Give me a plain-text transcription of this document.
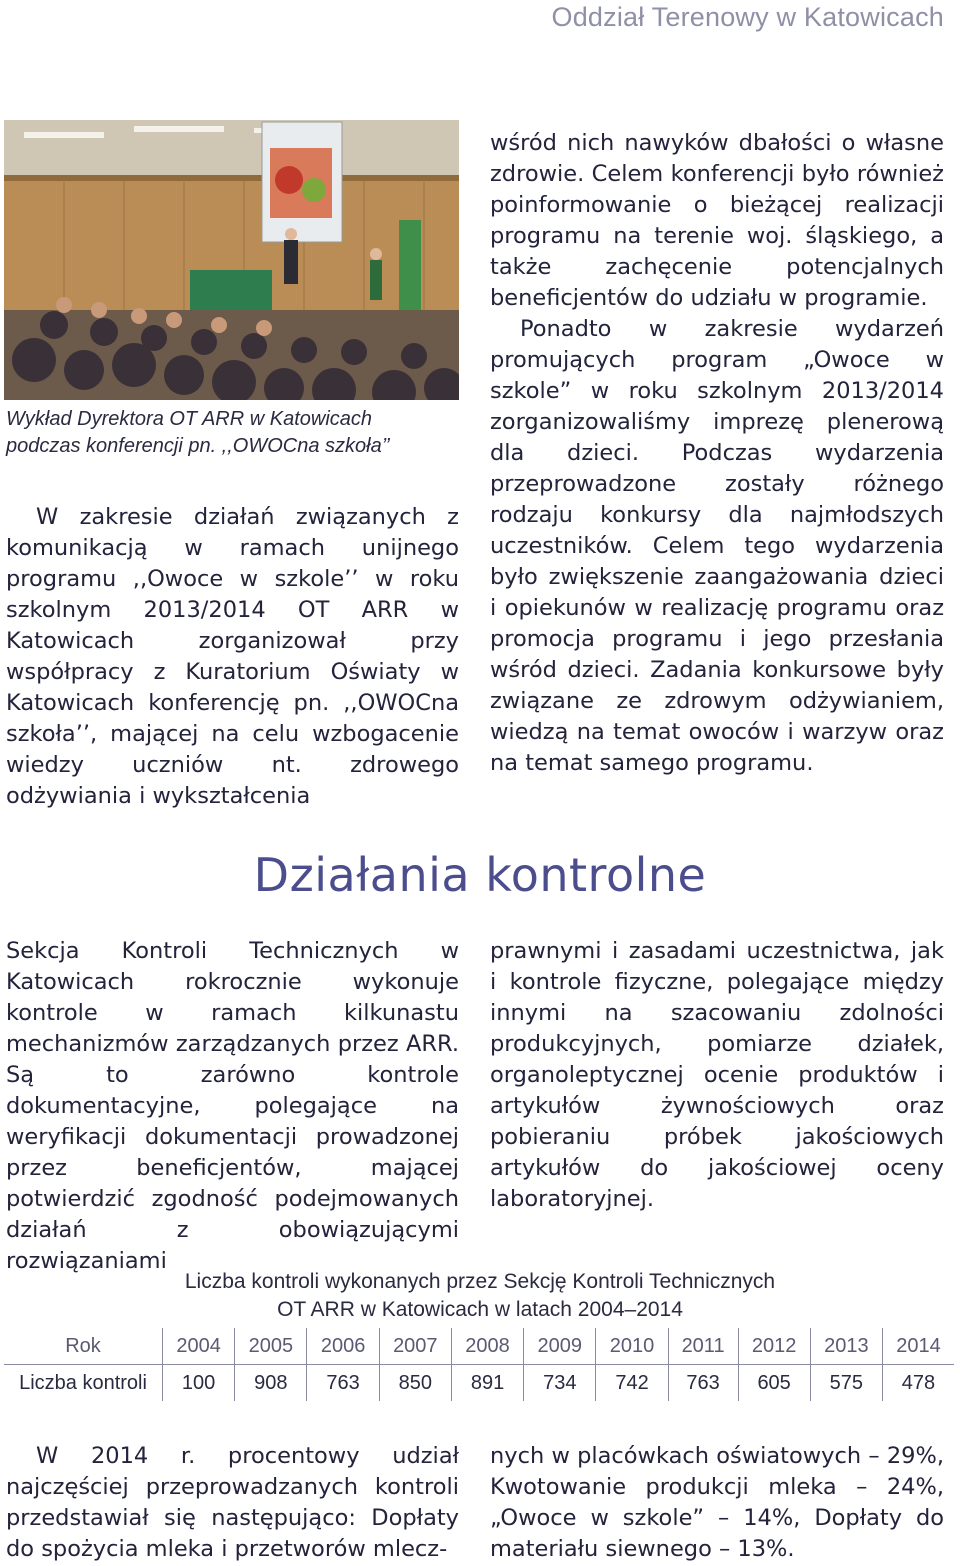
Oddział Terenowy w Katowicach
Wykład Dyrektora OT ARR w Katowicach podczas konferencji pn. ,,OWOCna szkoła’’

W zakresie działań związanych z komunikacją w ramach unijnego programu ,,Owoce w szkole’’ w roku szkolnym 2013/2014 OT ARR w Katowicach zorganizował przy współpracy z Kuratorium Oświaty w Katowicach konferencję pn. ,,OWOCna szkoła’’, mającej na celu wzbogacenie wiedzy uczniów nt. zdrowego odżywiania i wykształcenia

wśród nich nawyków dbałości o własne zdrowie. Celem konferencji było również poinformowanie o bieżącej realizacji programu na terenie woj. śląskiego, a także zachęcenie potencjalnych beneficjentów do udziału w programie.

Ponadto w zakresie wydarzeń promujących program „Owoce w szkole” w roku szkolnym 2013/2014 zorganizowaliśmy imprezę plenerową dla dzieci. Podczas wydarzenia przeprowadzone zostały różnego rodzaju konkursy dla najmłodszych uczestników. Celem tego wydarzenia było zwiększenie zaangażowania dzieci i opiekunów w realizację programu oraz promocja programu i jego przesłania wśród dzieci. Zadania konkursowe były związane ze zdrowym odżywianiem, wiedzą na temat owoców i warzyw oraz na temat samego programu.

Działania kontrolne

Sekcja Kontroli Technicznych w Katowicach rokrocznie wykonuje kontrole w ramach kilkunastu mechanizmów zarządzanych przez ARR. Są to zarówno kontrole dokumentacyjne, polegające na weryfikacji dokumentacji prowadzonej przez beneficjentów, mającej potwierdzić zgodność podejmowanych działań z obowiązującymi rozwiązaniami

prawnymi i zasadami uczestnictwa, jak i kontrole fizyczne, polegające między innymi na szacowaniu zdolności produkcyjnych, pomiarze działek, organoleptycznej ocenie produktów i artykułów żywnościowych oraz pobieraniu próbek jakościowych artykułów do jakościowej oceny laboratoryjnej.

Liczba kontroli wykonanych przez Sekcję Kontroli Technicznych
OT ARR w Katowicach w latach 2004–2014
Rok	2004	2005	2006	2007	2008	2009	2010	2011	2012	2013	2014
Liczba kontroli	100	908	763	850	891	734	742	763	605	575	478

W 2014 r. procentowy udział najczęściej przeprowadzanych kontroli przedstawiał się następująco: Dopłaty do spożycia mleka i przetworów mlecz-

nych w placówkach oświatowych – 29%, Kwotowanie produkcji mleka – 24%, „Owoce w szkole” – 14%, Dopłaty do materiału siewnego – 13%.
